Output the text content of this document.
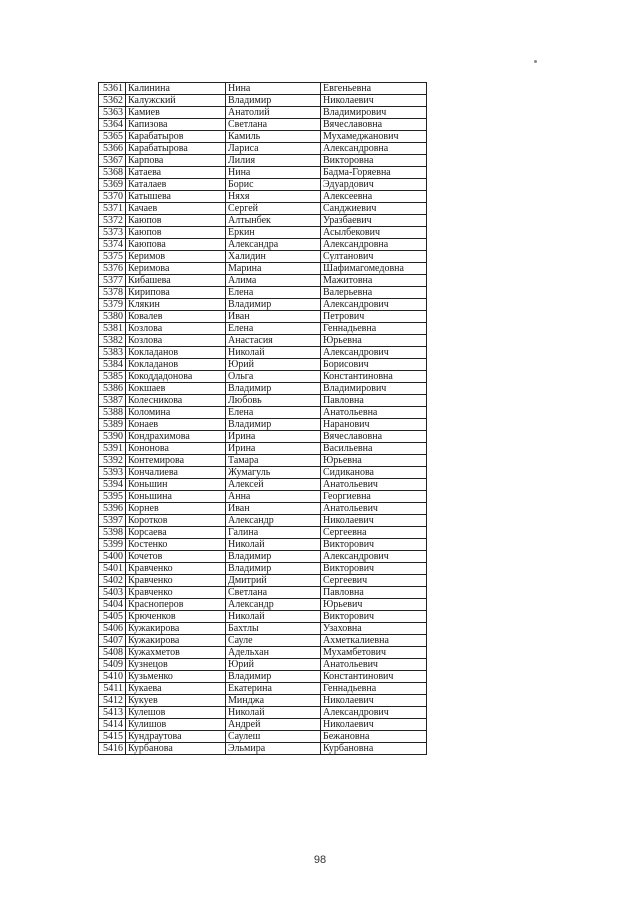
5361	Калинина	Нина	Евгеньевна
5362	Калужский	Владимир	Николаевич
5363	Камиев	Анатолий	Владимирович
5364	Капизова	Светлана	Вячеславовна
5365	Карабатыров	Камиль	Мухамеджанович
5366	Карабатырова	Лариса	Александровна
5367	Карпова	Лилия	Викторовна
5368	Катаева	Нина	Бадма-Горяевна
5369	Каталаев	Борис	Эдуардович
5370	Катышева	Няхя	Алексеевна
5371	Качаев	Сергей	Санджиевич
5372	Каюпов	Алтынбек	Уразбаевич
5373	Каюпов	Еркин	Асылбекович
5374	Каюпова	Александра	Александровна
5375	Керимов	Халидин	Султанович
5376	Керимова	Марина	Шафимагомедовна
5377	Кибашева	Алима	Мажитовна
5378	Кирипова	Елена	Валерьевна
5379	Клякин	Владимир	Александрович
5380	Ковалев	Иван	Петрович
5381	Козлова	Елена	Геннадьевна
5382	Козлова	Анастасия	Юрьевна
5383	Кокладанов	Николай	Александрович
5384	Кокладанов	Юрий	Борисович
5385	Кокоддадонова	Ольга	Константиновна
5386	Кокшаев	Владимир	Владимирович
5387	Колесникова	Любовь	Павловна
5388	Коломина	Елена	Анатольевна
5389	Конаев	Владимир	Наранович
5390	Кондрахимова	Ирина	Вячеславовна
5391	Кононова	Ирина	Васильевна
5392	Контемирова	Тамара	Юрьевна
5393	Кончалиева	Жумагуль	Сидиканова
5394	Коньшин	Алексей	Анатольевич
5395	Коньшина	Анна	Георгиевна
5396	Корнев	Иван	Анатольевич
5397	Коротков	Александр	Николаевич
5398	Корсаева	Галина	Сергеевна
5399	Костенко	Николай	Викторович
5400	Кочетов	Владимир	Александрович
5401	Кравченко	Владимир	Викторович
5402	Кравченко	Дмитрий	Сергеевич
5403	Кравченко	Светлана	Павловна
5404	Красноперов	Александр	Юрьевич
5405	Крюченков	Николай	Викторович
5406	Кужакирова	Бахтлы	Узаховна
5407	Кужакирова	Сауле	Ахметкалиевна
5408	Кужахметов	Адельхан	Мухамбетович
5409	Кузнецов	Юрий	Анатольевич
5410	Кузьменко	Владимир	Константинович
5411	Кукаева	Екатерина	Геннадьевна
5412	Кукуев	Минджа	Николаевич
5413	Кулешов	Николай	Александрович
5414	Кулишов	Андрей	Николаевич
5415	Кундраутова	Саулеш	Бежановна
5416	Курбанова	Эльмира	Курбановна
98
